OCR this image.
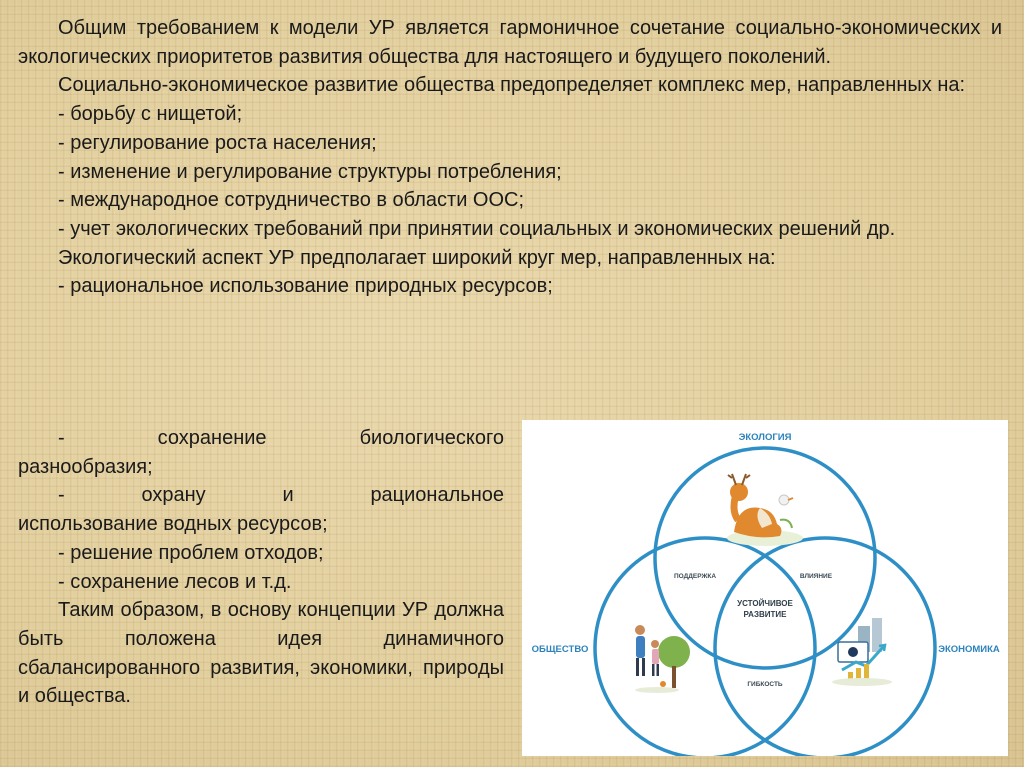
Общим требованием к модели УР является гармоничное сочетание социально-экономических и экологических приоритетов развития общества для настоящего и будущего поколений.

Социально-экономическое развитие общества предопределяет комплекс мер, направленных на:

- борьбу с нищетой;

- регулирование роста населения;

- изменение и регулирование структуры потребления;

- международное сотрудничество в области ООС;

- учет экологических требований при принятии социальных и экономических решений др.

Экологический аспект УР предполагает широкий круг мер, направленных на:

- рациональное использование природных ресурсов;

-	сохранение	биологического
разнообразия;
-	охрану	и	рациональное
использование водных ресурсов;
- решение проблем отходов;
- сохранение лесов и т.д.

Таким образом, в основу концепции УР должна быть положена идея динамичного сбалансированного развития, экономики, природы и общества.

ЭКОЛОГИЯ
ОБЩЕСТВО	ЭКОНОМИКА
ПОДДЕРЖКА	ВЛИЯНИЕ
ГИБКОСТЬ
УСТОЙЧИВОЕ
РАЗВИТИЕ
